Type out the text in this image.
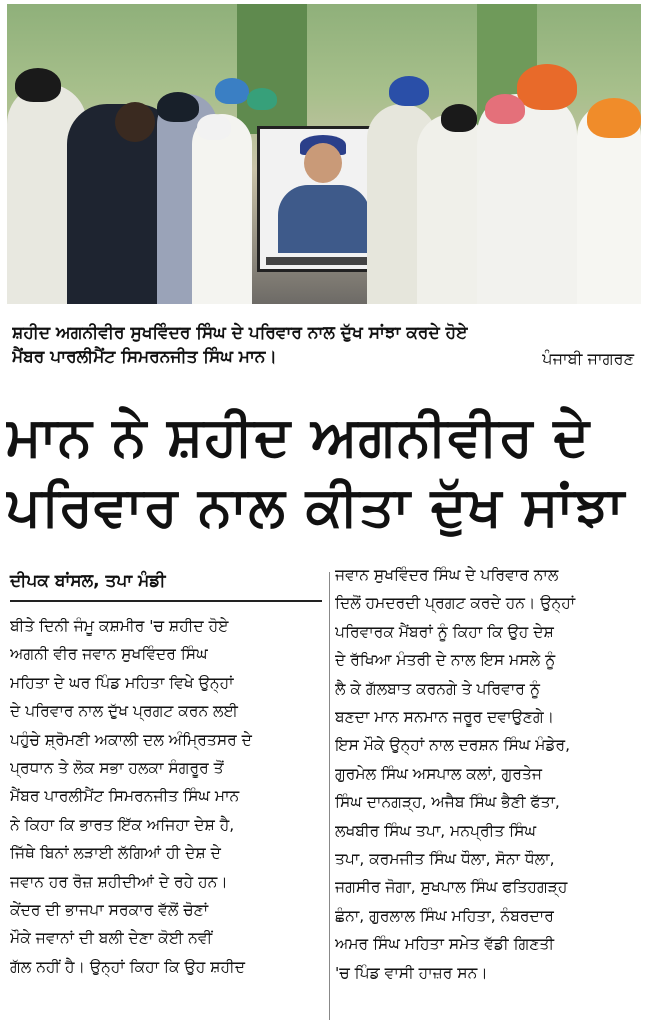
ਸ਼ਹੀਦ ਅਗਨੀਵੀਰ ਸੁਖਵਿੰਦਰ ਸਿੰਘ ਦੇ ਪਰਿਵਾਰ ਨਾਲ ਦੁੱਖ ਸਾਂਝਾ ਕਰਦੇ ਹੋਏ
ਮੈਂਬਰ ਪਾਰਲੀਮੈਂਟ ਸਿਮਰਨਜੀਤ ਸਿੰਘ ਮਾਨ।	ਪੰਜਾਬੀ ਜਾਗਰਣ
ਮਾਨ ਨੇ ਸ਼ਹੀਦ ਅਗਨੀਵੀਰ ਦੇ
ਪਰਿਵਾਰ ਨਾਲ ਕੀਤਾ ਦੁੱਖ ਸਾਂਝਾ
ਦੀਪਕ ਬਾਂਸਲ, ਤਪਾ ਮੰਡੀ
ਬੀਤੇ ਦਿਨੀ ਜੰਮੂ ਕਸ਼ਮੀਰ 'ਚ ਸ਼ਹੀਦ ਹੋਏ
ਅਗਨੀ ਵੀਰ ਜਵਾਨ ਸੁਖਵਿੰਦਰ ਸਿੰਘ
ਮਹਿਤਾ ਦੇ ਘਰ ਪਿੰਡ ਮਹਿਤਾ ਵਿਖੇ ਉਨ੍ਹਾਂ
ਦੇ ਪਰਿਵਾਰ ਨਾਲ ਦੁੱਖ ਪ੍ਰਗਟ ਕਰਨ ਲਈ
ਪਹੁੰਚੇ ਸ਼੍ਰੋਮਣੀ ਅਕਾਲੀ ਦਲ ਅੰਮ੍ਰਿਤਸਰ ਦੇ
ਪ੍ਰਧਾਨ ਤੇ ਲੋਕ ਸਭਾ ਹਲਕਾ ਸੰਗਰੂਰ ਤੋਂ
ਮੈਂਬਰ ਪਾਰਲੀਮੈਂਟ ਸਿਮਰਨਜੀਤ ਸਿੰਘ ਮਾਨ
ਨੇ ਕਿਹਾ ਕਿ ਭਾਰਤ ਇੱਕ ਅਜਿਹਾ ਦੇਸ਼ ਹੈ,
ਜਿੱਥੇ ਬਿਨਾਂ ਲੜਾਈ ਲੱਗਿਆਂ ਹੀ ਦੇਸ਼ ਦੇ
ਜਵਾਨ ਹਰ ਰੋਜ਼ ਸ਼ਹੀਦੀਆਂ ਦੇ ਰਹੇ ਹਨ।
ਕੇਂਦਰ ਦੀ ਭਾਜਪਾ ਸਰਕਾਰ ਵੱਲੋਂ ਚੋਣਾਂ
ਮੌਕੇ ਜਵਾਨਾਂ ਦੀ ਬਲੀ ਦੇਣਾ ਕੋਈ ਨਵੀਂ
ਗੱਲ ਨਹੀਂ ਹੈ। ਉਨ੍ਹਾਂ ਕਿਹਾ ਕਿ ਉਹ ਸ਼ਹੀਦ
ਜਵਾਨ ਸੁਖਵਿੰਦਰ ਸਿੰਘ ਦੇ ਪਰਿਵਾਰ ਨਾਲ
ਦਿਲੋਂ ਹਮਦਰਦੀ ਪ੍ਰਗਟ ਕਰਦੇ ਹਨ। ਉਨ੍ਹਾਂ
ਪਰਿਵਾਰਕ ਮੈਂਬਰਾਂ ਨੂੰ ਕਿਹਾ ਕਿ ਉਹ ਦੇਸ਼
ਦੇ ਰੱਖਿਆ ਮੰਤਰੀ ਦੇ ਨਾਲ ਇਸ ਮਸਲੇ ਨੂੰ
ਲੈ ਕੇ ਗੱਲਬਾਤ ਕਰਨਗੇ ਤੇ ਪਰਿਵਾਰ ਨੂੰ
ਬਣਦਾ ਮਾਨ ਸਨਮਾਨ ਜਰੂਰ ਦਵਾਉਣਗੇ।
ਇਸ ਮੌਕੇ ਉਨ੍ਹਾਂ ਨਾਲ ਦਰਸ਼ਨ ਸਿੰਘ ਮੰਡੇਰ,
ਗੁਰਮੇਲ ਸਿੰਘ ਅਸਪਾਲ ਕਲਾਂ, ਗੁਰਤੇਜ
ਸਿੰਘ ਦਾਨਗੜ੍ਹ, ਅਜੈਬ ਸਿੰਘ ਭੈਣੀ ਫੱਤਾ,
ਲਖਬੀਰ ਸਿੰਘ ਤਪਾ, ਮਨਪ੍ਰੀਤ ਸਿੰਘ
ਤਪਾ, ਕਰਮਜੀਤ ਸਿੰਘ ਧੌਲਾ, ਸੋਨਾ ਧੌਲਾ,
ਜਗਸੀਰ ਜੋਗਾ, ਸੁਖਪਾਲ ਸਿੰਘ ਫਤਿਹਗੜ੍ਹ
ਛੰਨਾ, ਗੁਰਲਾਲ ਸਿੰਘ ਮਹਿਤਾ, ਨੰਬਰਦਾਰ
ਅਮਰ ਸਿੰਘ ਮਹਿਤਾ ਸਮੇਤ ਵੱਡੀ ਗਿਣਤੀ
'ਚ ਪਿੰਡ ਵਾਸੀ ਹਾਜ਼ਰ ਸਨ।
